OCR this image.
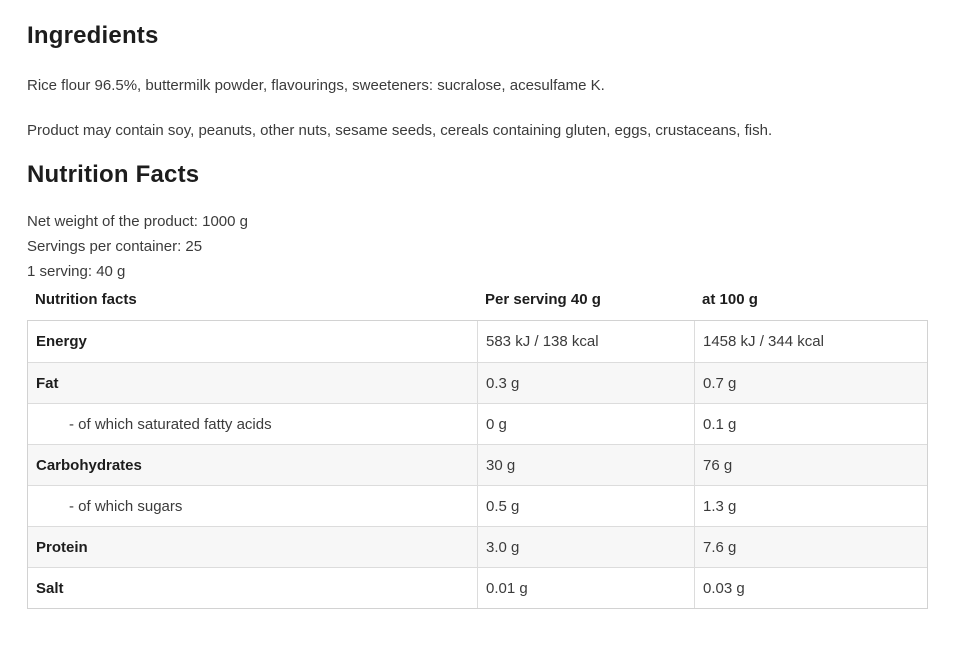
Ingredients

Rice flour 96.5%, buttermilk powder, flavourings, sweeteners: sucralose, acesulfame K.

Product may contain soy, peanuts, other nuts, sesame seeds, cereals containing gluten, eggs, crustaceans, fish.

Nutrition Facts

Net weight of the product: 1000 g

Servings per container: 25

1 serving: 40 g

Nutrition facts	Per serving 40 g	at 100 g
Energy	583 kJ / 138 kcal	1458 kJ / 344 kcal
Fat	0.3 g	0.7 g
- of which saturated fatty acids	0 g	0.1 g
Carbohydrates	30 g	76 g
- of which sugars	0.5 g	1.3 g
Protein	3.0 g	7.6 g
Salt	0.01 g	0.03 g
